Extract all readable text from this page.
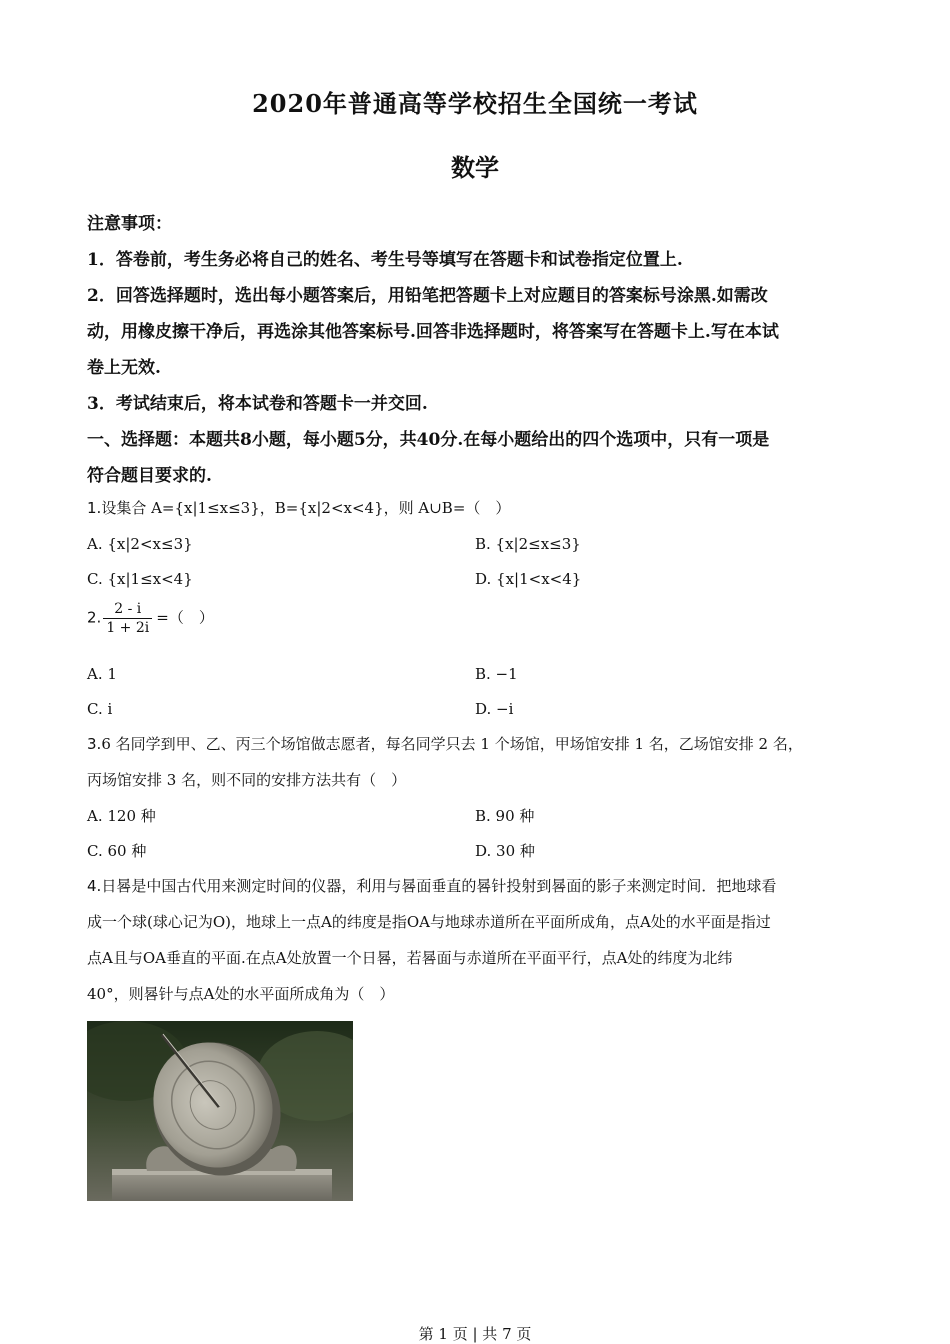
2020年普通高等学校招生全国统一考试
数学

注意事项：

1．答卷前，考生务必将自己的姓名、考生号等填写在答题卡和试卷指定位置上.

2．回答选择题时，选出每小题答案后，用铅笔把答题卡上对应题目的答案标号涂黑.如需改

动，用橡皮擦干净后，再选涂其他答案标号.回答非选择题时，将答案写在答题卡上.写在本试

卷上无效.

3．考试结束后，将本试卷和答题卡一并交回.

一、选择题：本题共8小题，每小题5分，共40分.在每小题给出的四个选项中，只有一项是

符合题目要求的.

1.设集合 A={x|1≤x≤3}，B={x|2<x<4}，则 A∪B=（　）

A. {x|2<x≤3}	B. {x|2≤x≤3}
C. {x|1≤x<4}	D. {x|1<x<4}

2. $\frac{2 - i}{1 + 2i}$ =（　）

A. 1	B. −1
C. i	D. −i

3.6 名同学到甲、乙、丙三个场馆做志愿者，每名同学只去 1 个场馆，甲场馆安排 1 名，乙场馆安排 2 名，

丙场馆安排 3 名，则不同的安排方法共有（　）

A. 120 种	B. 90 种
C. 60 种	D. 30 种

4.日晷是中国古代用来测定时间的仪器，利用与晷面垂直的晷针投射到晷面的影子来测定时间．把地球看

成一个球(球心记为O)，地球上一点A的纬度是指OA与地球赤道所在平面所成角，点A处的水平面是指过

点A且与OA垂直的平面.在点A处放置一个日晷，若晷面与赤道所在平面平行，点A处的纬度为北纬

40°，则晷针与点A处的水平面所成角为（　）

第 1 页 | 共 7 页
